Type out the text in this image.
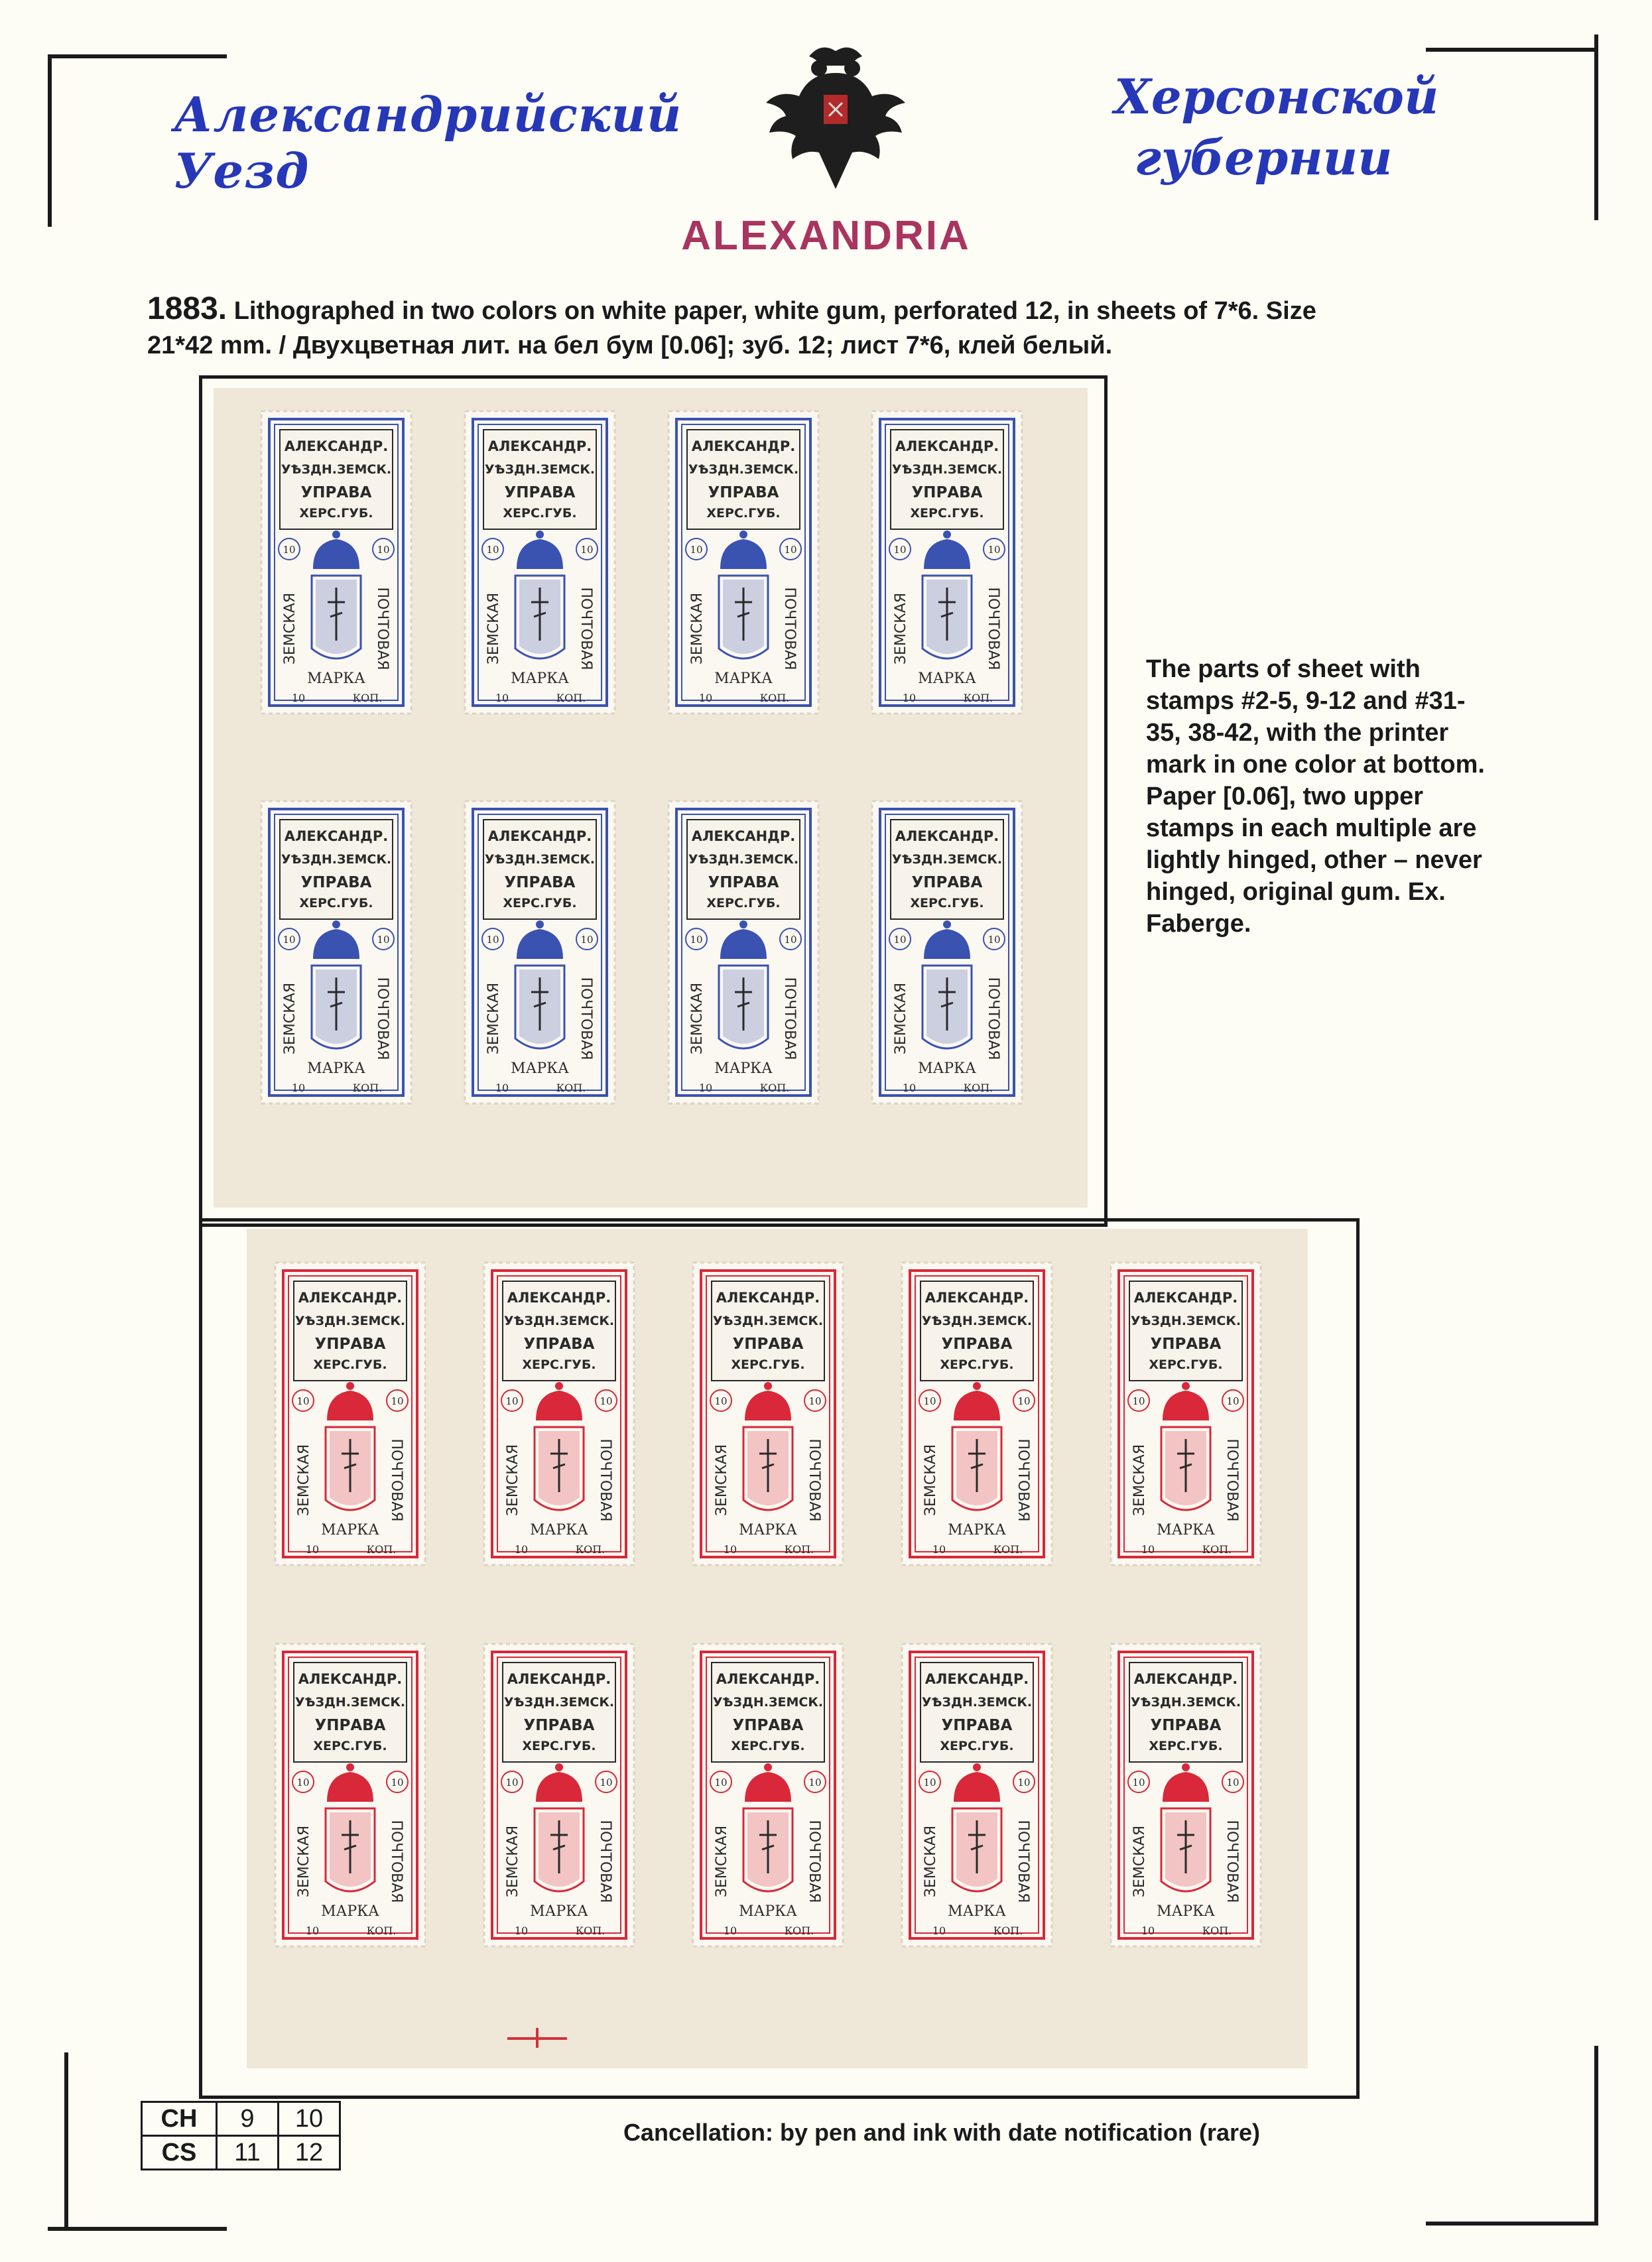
Александрийский Уезд
Херсонской
губернии
ALEXANDRIA
1883. Lithographed in two colors on white paper, white gum, perforated 12, in sheets of 7*6. Size
21*42 mm. / Двухцветная лит. на бел бум [0.06]; зуб. 12; лист 7*6, клей белый.
АЛЕКСАНДР.
УѢЗДН.ЗЕМСК.
УПРАВА
ХЕРС.ГУБ.
10	10
ЗЕМСКАЯ	ПОЧТОВАЯ
МАРКА
10	КОП.
АЛЕКСАНДР.
УѢЗДН.ЗЕМСК.
УПРАВА
ХЕРС.ГУБ.
10	10
ЗЕМСКАЯ	ПОЧТОВАЯ
МАРКА
10	КОП.
АЛЕКСАНДР.
УѢЗДН.ЗЕМСК.
УПРАВА
ХЕРС.ГУБ.
10	10
ЗЕМСКАЯ	ПОЧТОВАЯ
МАРКА
10	КОП.
АЛЕКСАНДР.
УѢЗДН.ЗЕМСК.
УПРАВА
ХЕРС.ГУБ.
10	10
ЗЕМСКАЯ	ПОЧТОВАЯ
МАРКА
10	КОП.
АЛЕКСАНДР.
УѢЗДН.ЗЕМСК.
УПРАВА
ХЕРС.ГУБ.
10	10
ЗЕМСКАЯ	ПОЧТОВАЯ
МАРКА
10	КОП.
АЛЕКСАНДР.
УѢЗДН.ЗЕМСК.
УПРАВА
ХЕРС.ГУБ.
10	10
ЗЕМСКАЯ	ПОЧТОВАЯ
МАРКА
10	КОП.
АЛЕКСАНДР.
УѢЗДН.ЗЕМСК.
УПРАВА
ХЕРС.ГУБ.
10	10
ЗЕМСКАЯ	ПОЧТОВАЯ
МАРКА
10	КОП.
АЛЕКСАНДР.
УѢЗДН.ЗЕМСК.
УПРАВА
ХЕРС.ГУБ.
10	10
ЗЕМСКАЯ	ПОЧТОВАЯ
МАРКА
10	КОП.
АЛЕКСАНДР.
УѢЗДН.ЗЕМСК.
УПРАВА
ХЕРС.ГУБ.
10	10
ЗЕМСКАЯ	ПОЧТОВАЯ
МАРКА
10	КОП.
АЛЕКСАНДР.
УѢЗДН.ЗЕМСК.
УПРАВА
ХЕРС.ГУБ.
10	10
ЗЕМСКАЯ	ПОЧТОВАЯ
МАРКА
10	КОП.
АЛЕКСАНДР.
УѢЗДН.ЗЕМСК.
УПРАВА
ХЕРС.ГУБ.
10	10
ЗЕМСКАЯ	ПОЧТОВАЯ
МАРКА
10	КОП.
АЛЕКСАНДР.
УѢЗДН.ЗЕМСК.
УПРАВА
ХЕРС.ГУБ.
10	10
ЗЕМСКАЯ	ПОЧТОВАЯ
МАРКА
10	КОП.
АЛЕКСАНДР.
УѢЗДН.ЗЕМСК.
УПРАВА
ХЕРС.ГУБ.
10	10
ЗЕМСКАЯ	ПОЧТОВАЯ
МАРКА
10	КОП.
АЛЕКСАНДР.
УѢЗДН.ЗЕМСК.
УПРАВА
ХЕРС.ГУБ.
10	10
ЗЕМСКАЯ	ПОЧТОВАЯ
МАРКА
10	КОП.
АЛЕКСАНДР.
УѢЗДН.ЗЕМСК.
УПРАВА
ХЕРС.ГУБ.
10	10
ЗЕМСКАЯ	ПОЧТОВАЯ
МАРКА
10	КОП.
АЛЕКСАНДР.
УѢЗДН.ЗЕМСК.
УПРАВА
ХЕРС.ГУБ.
10	10
ЗЕМСКАЯ	ПОЧТОВАЯ
МАРКА
10	КОП.
АЛЕКСАНДР.
УѢЗДН.ЗЕМСК.
УПРАВА
ХЕРС.ГУБ.
10	10
ЗЕМСКАЯ	ПОЧТОВАЯ
МАРКА
10	КОП.
АЛЕКСАНДР.
УѢЗДН.ЗЕМСК.
УПРАВА
ХЕРС.ГУБ.
10	10
ЗЕМСКАЯ	ПОЧТОВАЯ
МАРКА
10	КОП.
The parts of sheet with stamps #2-5, 9-12 and #31-35, 38-42, with the printer mark in one color at bottom. Paper [0.06], two upper stamps in each multiple are lightly hinged, other – never hinged, original gum. Ex. Faberge.
CH	9	10
CS	11	12
Cancellation: by pen and ink with date notification (rare)
